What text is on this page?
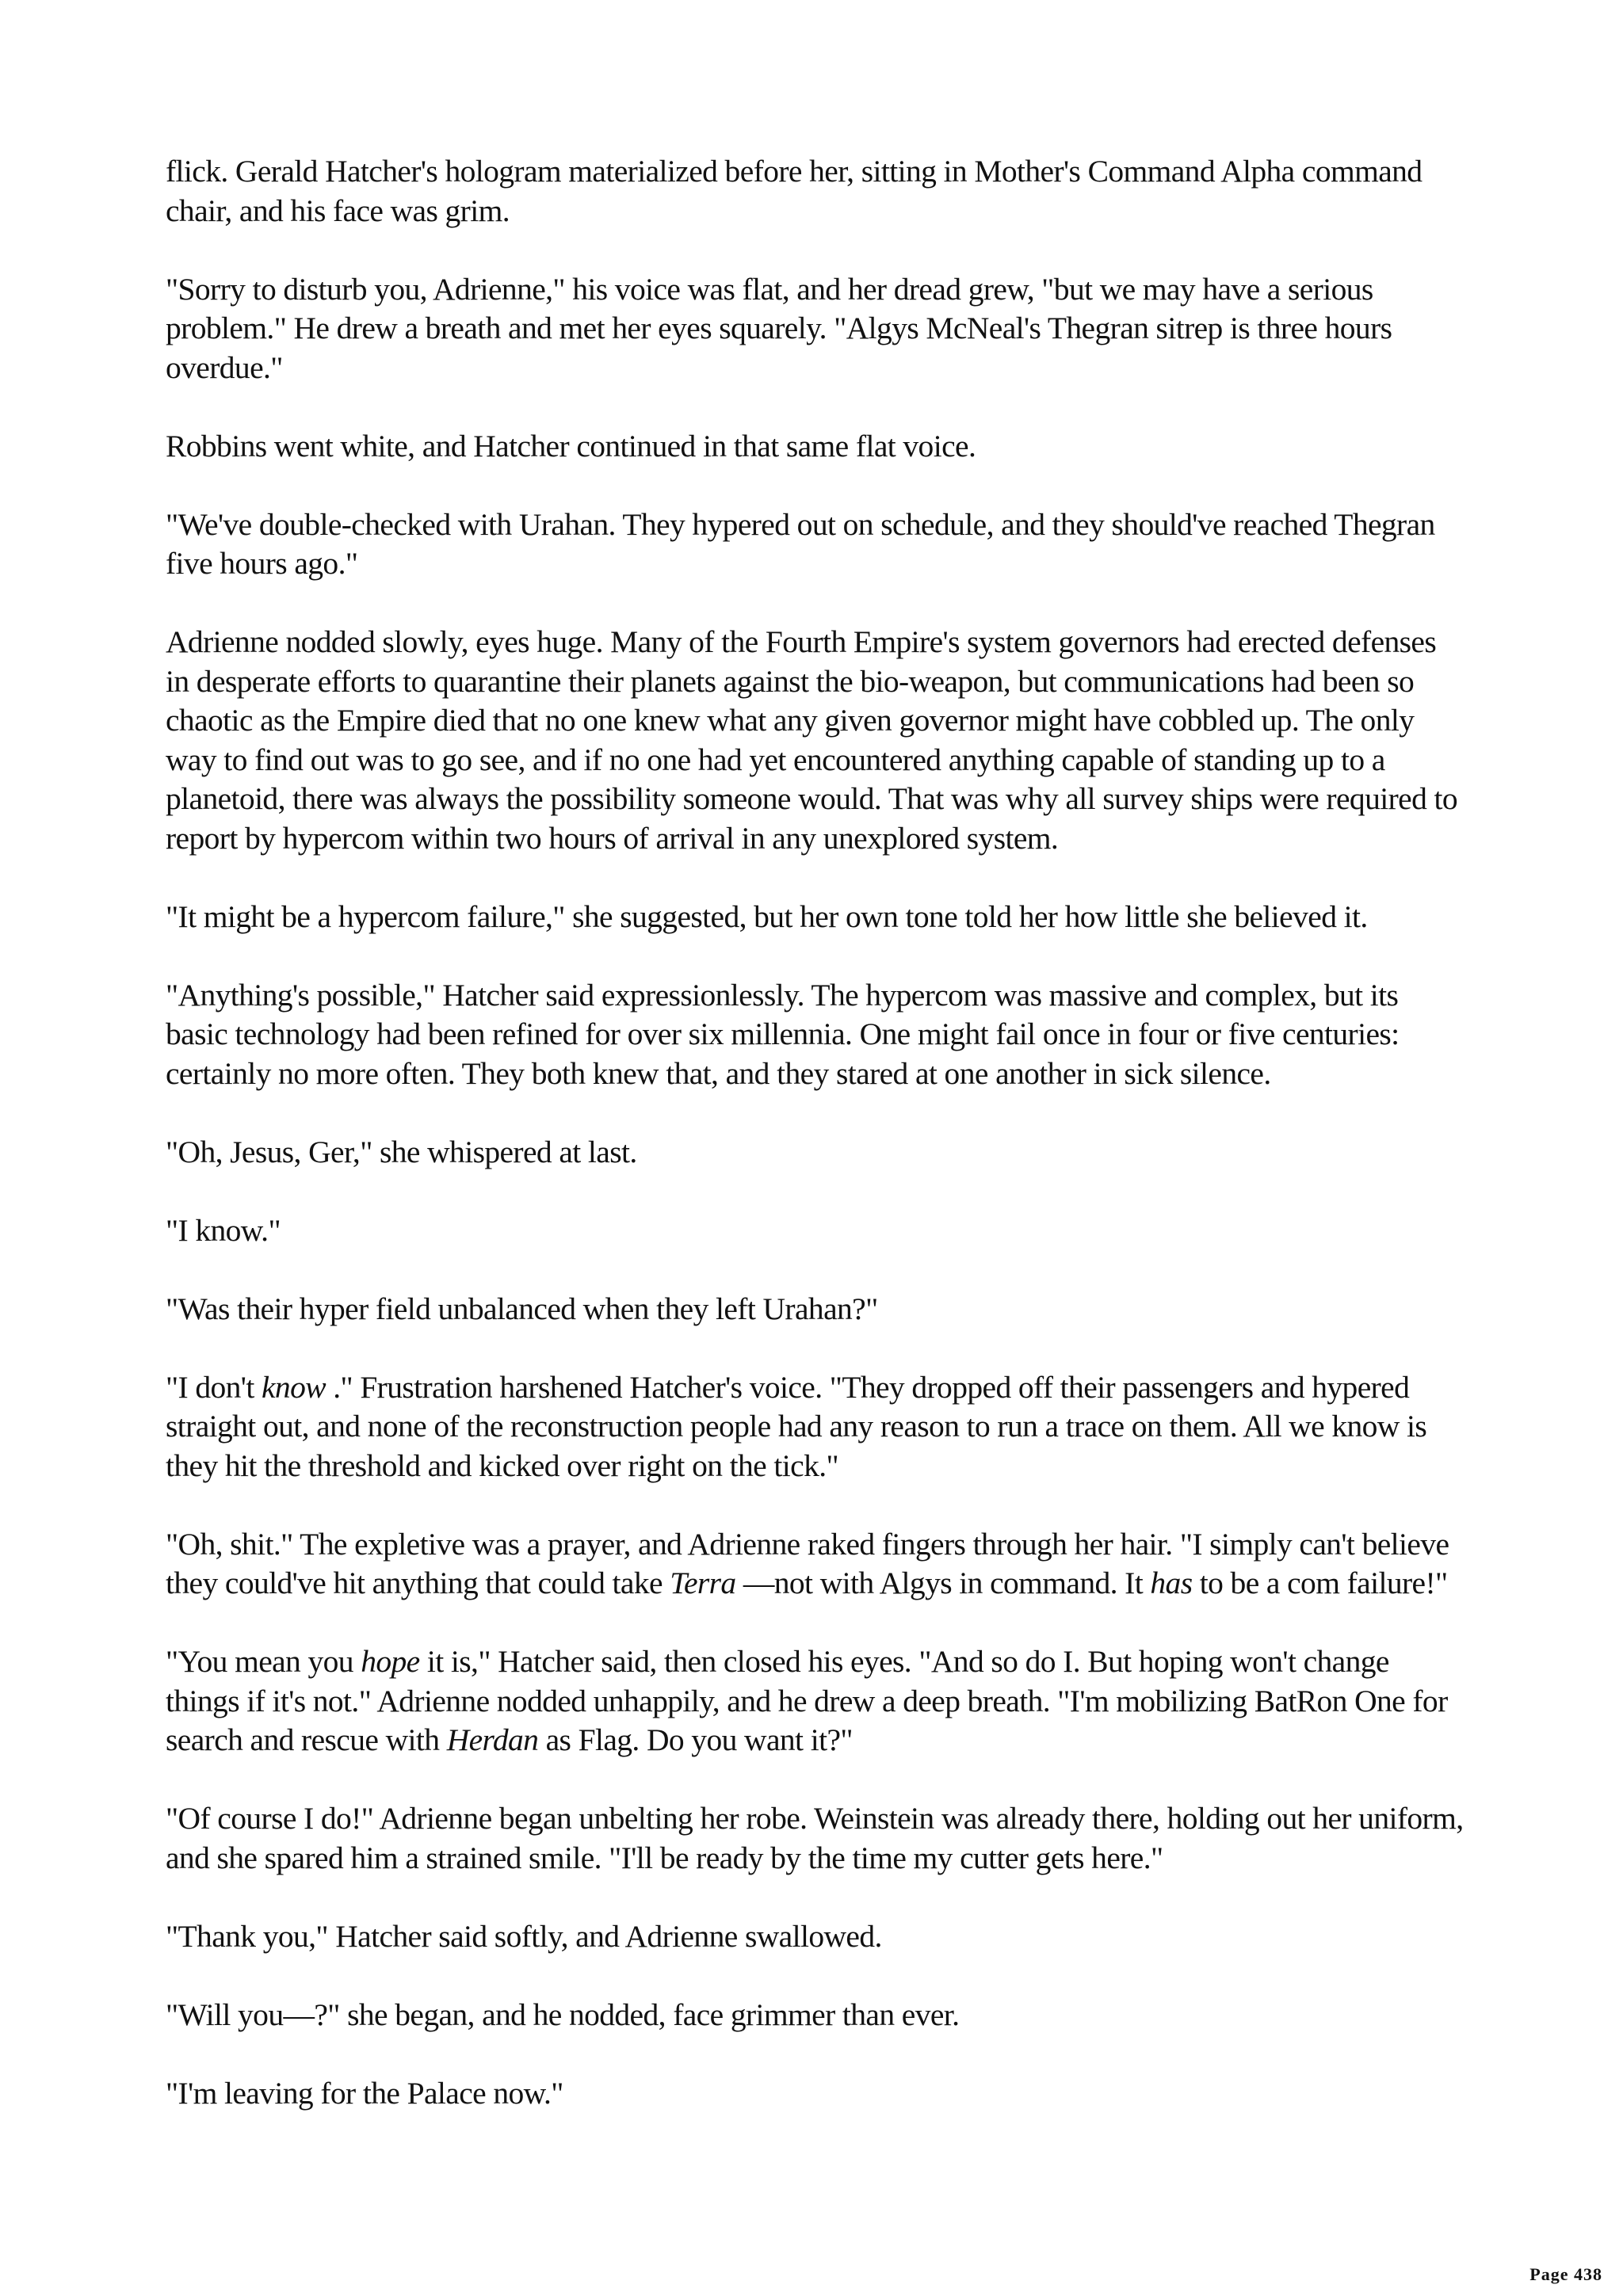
flick. Gerald Hatcher's hologram materialized before her, sitting in Mother's Command Alpha command chair, and his face was grim.

"Sorry to disturb you, Adrienne," his voice was flat, and her dread grew, "but we may have a serious problem." He drew a breath and met her eyes squarely. "Algys McNeal's Thegran sitrep is three hours overdue."

Robbins went white, and Hatcher continued in that same flat voice.

"We've double-checked with Urahan. They hypered out on schedule, and they should've reached Thegran five hours ago."

Adrienne nodded slowly, eyes huge. Many of the Fourth Empire's system governors had erected defenses in desperate efforts to quarantine their planets against the bio-weapon, but communications had been so chaotic as the Empire died that no one knew what any given governor might have cobbled up. The only way to find out was to go see, and if no one had yet encountered anything capable of standing up to a planetoid, there was always the possibility someone would. That was why all survey ships were required to report by hypercom within two hours of arrival in any unexplored system.

"It might be a hypercom failure," she suggested, but her own tone told her how little she believed it.

"Anything's possible," Hatcher said expressionlessly. The hypercom was massive and complex, but its basic technology had been refined for over six millennia. One might fail once in four or five centuries: certainly no more often. They both knew that, and they stared at one another in sick silence.

"Oh, Jesus, Ger," she whispered at last.

"I know."

"Was their hyper field unbalanced when they left Urahan?"

"I don't know ." Frustration harshened Hatcher's voice. "They dropped off their passengers and hypered straight out, and none of the reconstruction people had any reason to run a trace on them. All we know is they hit the threshold and kicked over right on the tick."

"Oh, shit." The expletive was a prayer, and Adrienne raked fingers through her hair. "I simply can't believe they could've hit anything that could take Terra —not with Algys in command. It has to be a com failure!"

"You mean you hope it is," Hatcher said, then closed his eyes. "And so do I. But hoping won't change things if it's not." Adrienne nodded unhappily, and he drew a deep breath. "I'm mobilizing BatRon One for search and rescue with Herdan as Flag. Do you want it?"

"Of course I do!" Adrienne began unbelting her robe. Weinstein was already there, holding out her uniform, and she spared him a strained smile. "I'll be ready by the time my cutter gets here."

"Thank you," Hatcher said softly, and Adrienne swallowed.

"Will you—?" she began, and he nodded, face grimmer than ever.

"I'm leaving for the Palace now."

Page 438
